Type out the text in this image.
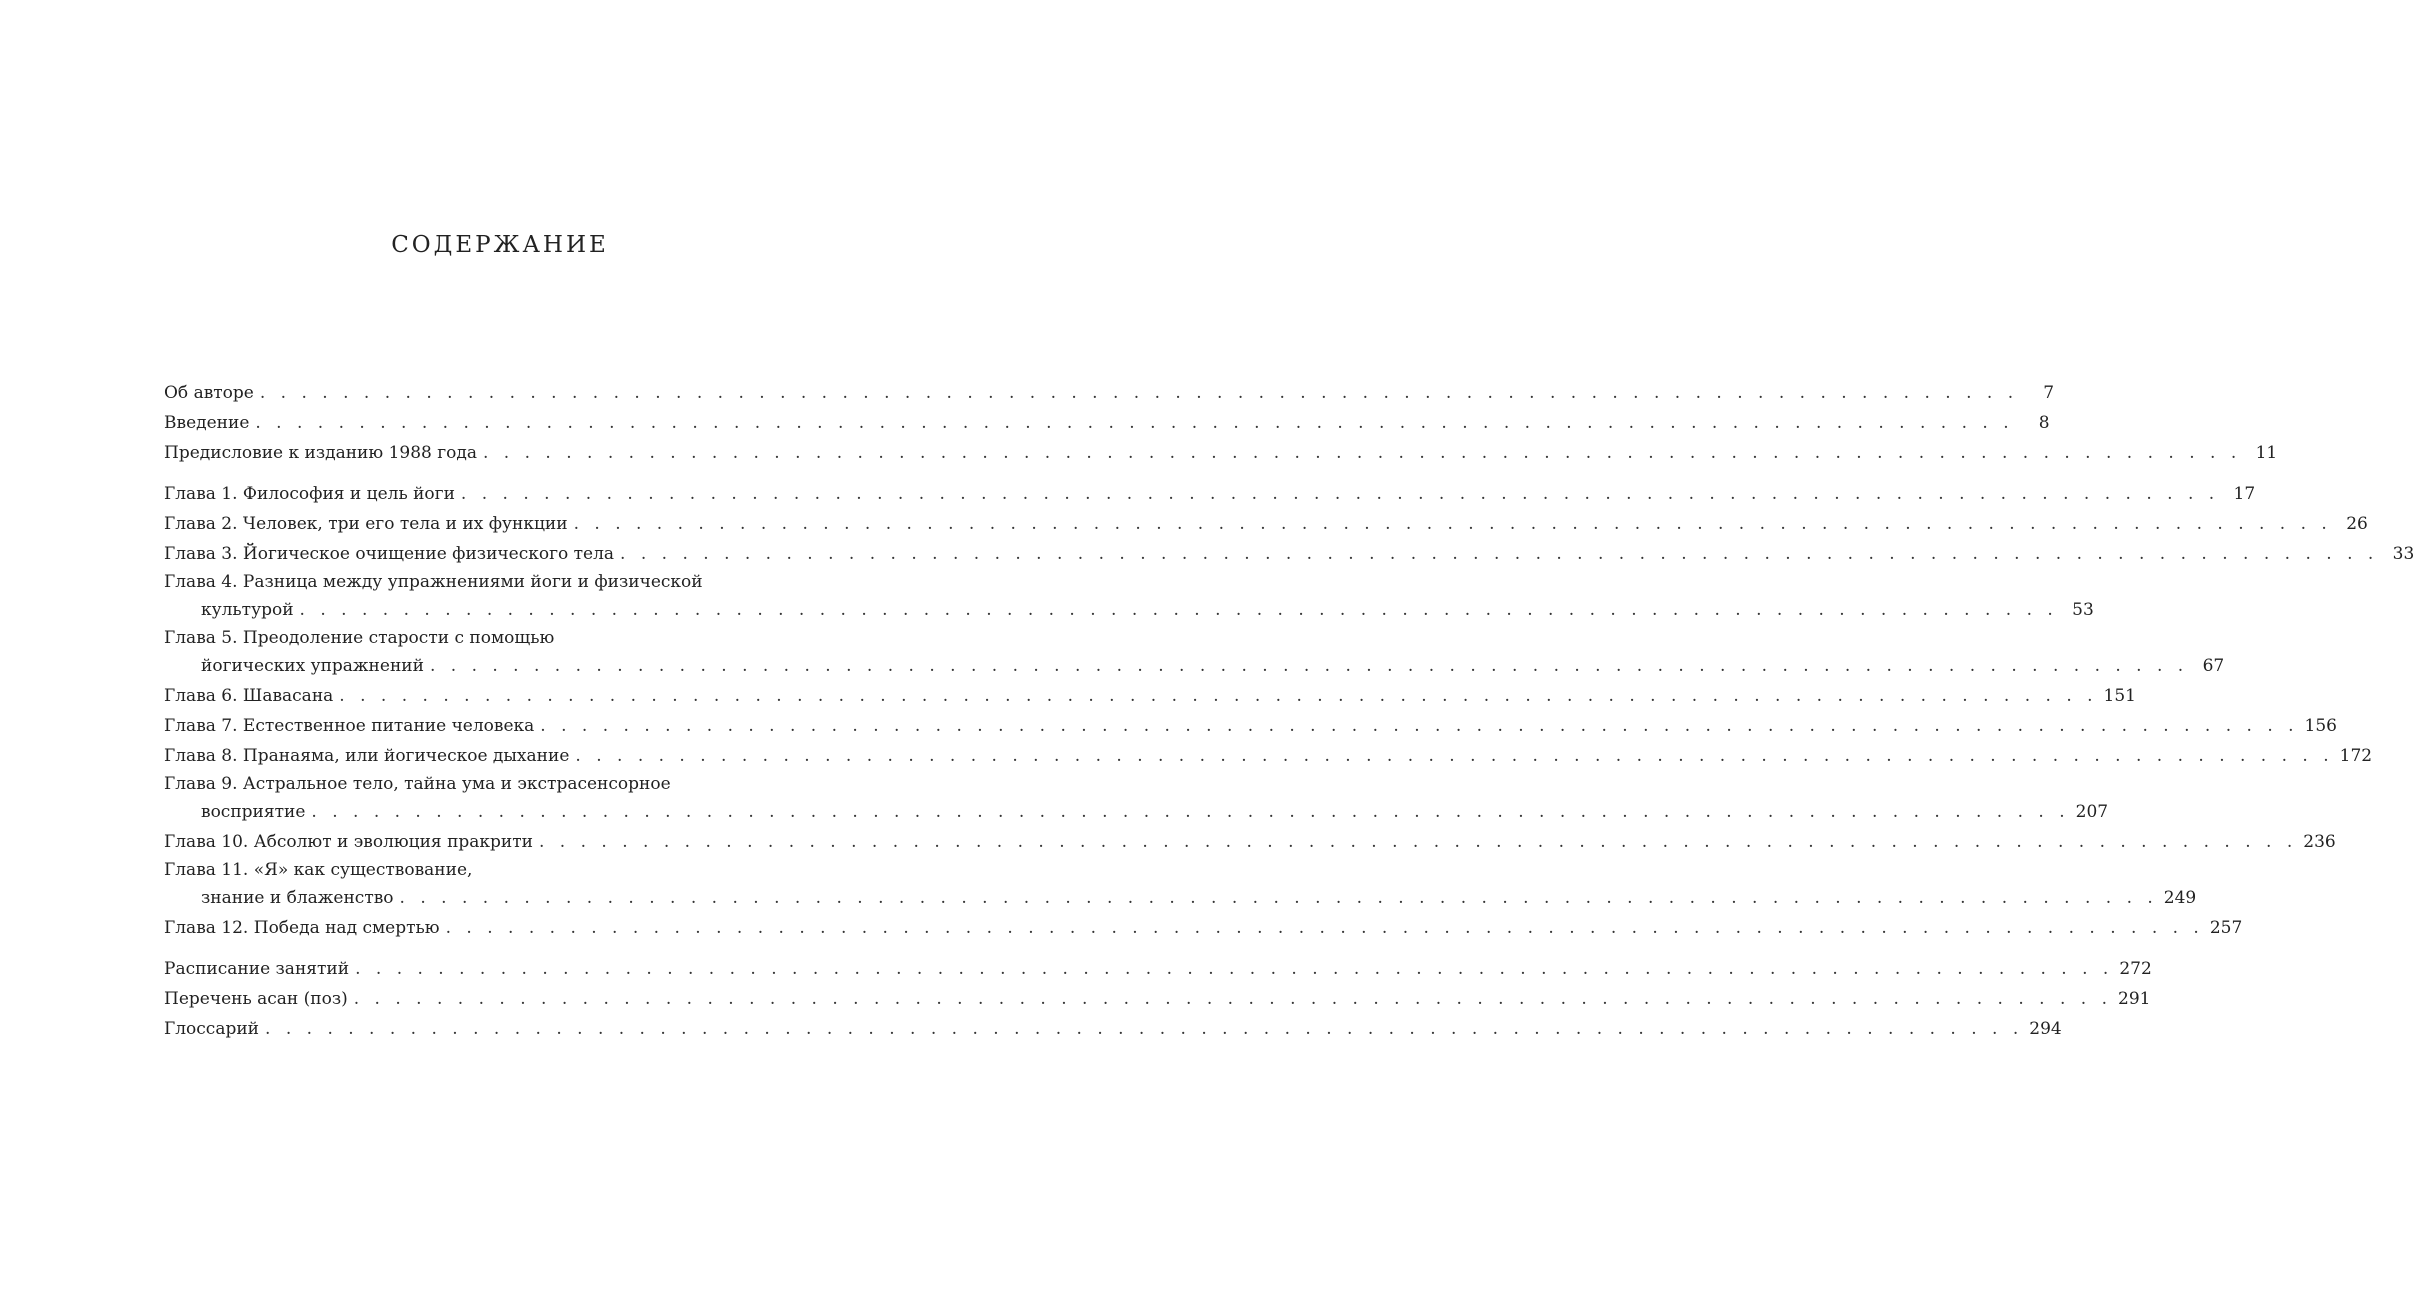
СОДЕРЖАНИЕ
Об авторе . . . . . . . . . . . . . . . . . . . . . . . . . . . . . . . . . . . . . . . . . . . . . . . . . . . . . . . . . . . . . . . . . . . . . . . . . . . . . . . . . . . . .	7
Введение . . . . . . . . . . . . . . . . . . . . . . . . . . . . . . . . . . . . . . . . . . . . . . . . . . . . . . . . . . . . . . . . . . . . . . . . . . . . . . . . . . . . .	8
Предисловие к изданию 1988 года . . . . . . . . . . . . . . . . . . . . . . . . . . . . . . . . . . . . . . . . . . . . . . . . . . . . . . . . . . . . . . . . . . . . . . . . . . . . . . . . . . . . . 11
Глава 1. Философия и цель йоги . . . . . . . . . . . . . . . . . . . . . . . . . . . . . . . . . . . . . . . . . . . . . . . . . . . . . . . . . . . . . . . . . . . . . . . . . . . . . . . . . . . . . 17
Глава 2. Человек, три его тела и их функции . . . . . . . . . . . . . . . . . . . . . . . . . . . . . . . . . . . . . . . . . . . . . . . . . . . . . . . . . . . . . . . . . . . . . . . . . . . . . . . . . . . . . 26
Глава 3. Йогическое очищение физического тела . . . . . . . . . . . . . . . . . . . . . . . . . . . . . . . . . . . . . . . . . . . . . . . . . . . . . . . . . . . . . . . . . . . . . . . . . . . . . . . . . . . . . 33
Глава 4. Разница между упражнениями йоги и физической
культурой . . . . . . . . . . . . . . . . . . . . . . . . . . . . . . . . . . . . . . . . . . . . . . . . . . . . . . . . . . . . . . . . . . . . . . . . . . . . . . . . . . . . . 53
Глава 5. Преодоление старости с помощью
йогических упражнений . . . . . . . . . . . . . . . . . . . . . . . . . . . . . . . . . . . . . . . . . . . . . . . . . . . . . . . . . . . . . . . . . . . . . . . . . . . . . . . . . . . . . 67
Глава 6. Шавасана . . . . . . . . . . . . . . . . . . . . . . . . . . . . . . . . . . . . . . . . . . . . . . . . . . . . . . . . . . . . . . . . . . . . . . . . . . . . . . . . . . . . . 151
Глава 7. Естественное питание человека . . . . . . . . . . . . . . . . . . . . . . . . . . . . . . . . . . . . . . . . . . . . . . . . . . . . . . . . . . . . . . . . . . . . . . . . . . . . . . . . . . . . . 156
Глава 8. Пранаяма, или йогическое дыхание . . . . . . . . . . . . . . . . . . . . . . . . . . . . . . . . . . . . . . . . . . . . . . . . . . . . . . . . . . . . . . . . . . . . . . . . . . . . . . . . . . . . . 172
Глава 9. Астральное тело, тайна ума и экстрасенсорное
восприятие . . . . . . . . . . . . . . . . . . . . . . . . . . . . . . . . . . . . . . . . . . . . . . . . . . . . . . . . . . . . . . . . . . . . . . . . . . . . . . . . . . . . . 207
Глава 10. Абсолют и эволюция пракрити . . . . . . . . . . . . . . . . . . . . . . . . . . . . . . . . . . . . . . . . . . . . . . . . . . . . . . . . . . . . . . . . . . . . . . . . . . . . . . . . . . . . . 236
Глава 11. «Я» как существование,
знание и блаженство . . . . . . . . . . . . . . . . . . . . . . . . . . . . . . . . . . . . . . . . . . . . . . . . . . . . . . . . . . . . . . . . . . . . . . . . . . . . . . . . . . . . . 249
Глава 12. Победа над смертью . . . . . . . . . . . . . . . . . . . . . . . . . . . . . . . . . . . . . . . . . . . . . . . . . . . . . . . . . . . . . . . . . . . . . . . . . . . . . . . . . . . . . 257
Расписание занятий . . . . . . . . . . . . . . . . . . . . . . . . . . . . . . . . . . . . . . . . . . . . . . . . . . . . . . . . . . . . . . . . . . . . . . . . . . . . . . . . . . . . . 272
Перечень асан (поз) . . . . . . . . . . . . . . . . . . . . . . . . . . . . . . . . . . . . . . . . . . . . . . . . . . . . . . . . . . . . . . . . . . . . . . . . . . . . . . . . . . . . . 291
Глоссарий . . . . . . . . . . . . . . . . . . . . . . . . . . . . . . . . . . . . . . . . . . . . . . . . . . . . . . . . . . . . . . . . . . . . . . . . . . . . . . . . . . . . . 294
